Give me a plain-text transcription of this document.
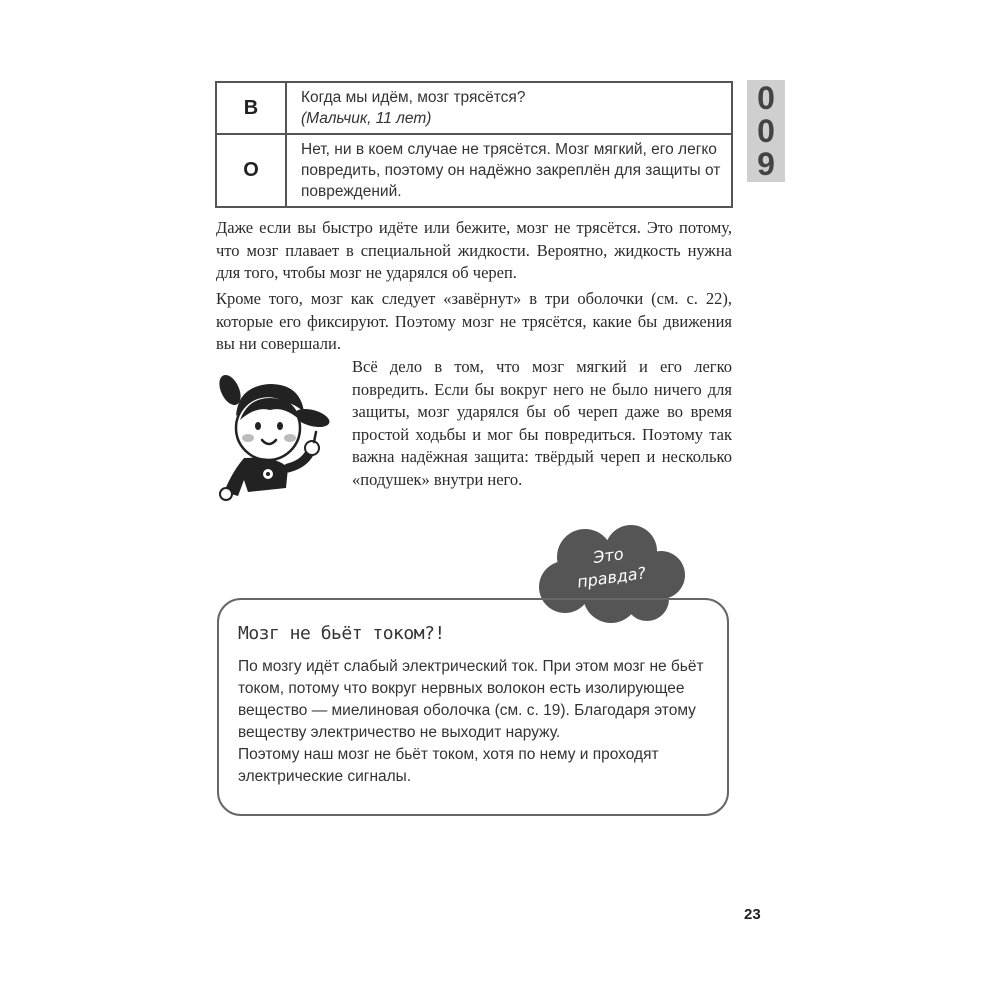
В	Когда мы идём, мозг трясётся?
(Мальчик, 11 лет)

О	Нет, ни в коем случае не трясётся. Мозг мягкий, его легко повредить, поэтому он надёжно закреплён для защиты от повреждений.
0
0
9

Даже если вы быстро идёте или бежите, мозг не трясётся. Это потому, что мозг плавает в специальной жидкости. Вероятно, жидкость нужна для того, чтобы мозг не ударялся об череп.

Кроме того, мозг как следует «завёрнут» в три оболочки (см. с. 22), которые его фиксируют. Поэтому мозг не трясётся, какие бы движения вы ни совершали.

Всё дело в том, что мозг мягкий и его легко повредить. Если бы вокруг него не было ничего для защиты, мозг ударялся бы об череп даже во время простой ходьбы и мог бы повредиться. Поэтому так важна надёжная защита: твёрдый череп и несколько «подушек» внутри него.

Это
правда?
Мозг не бьёт током?!

По мозгу идёт слабый электрический ток. При этом мозг не бьёт током, потому что вокруг нервных волокон есть изолирующее вещество — миелиновая оболочка (см. с. 19). Благодаря этому веществу электричество не выходит наружу.

Поэтому наш мозг не бьёт током, хотя по нему и проходят электрические сигналы.

23
